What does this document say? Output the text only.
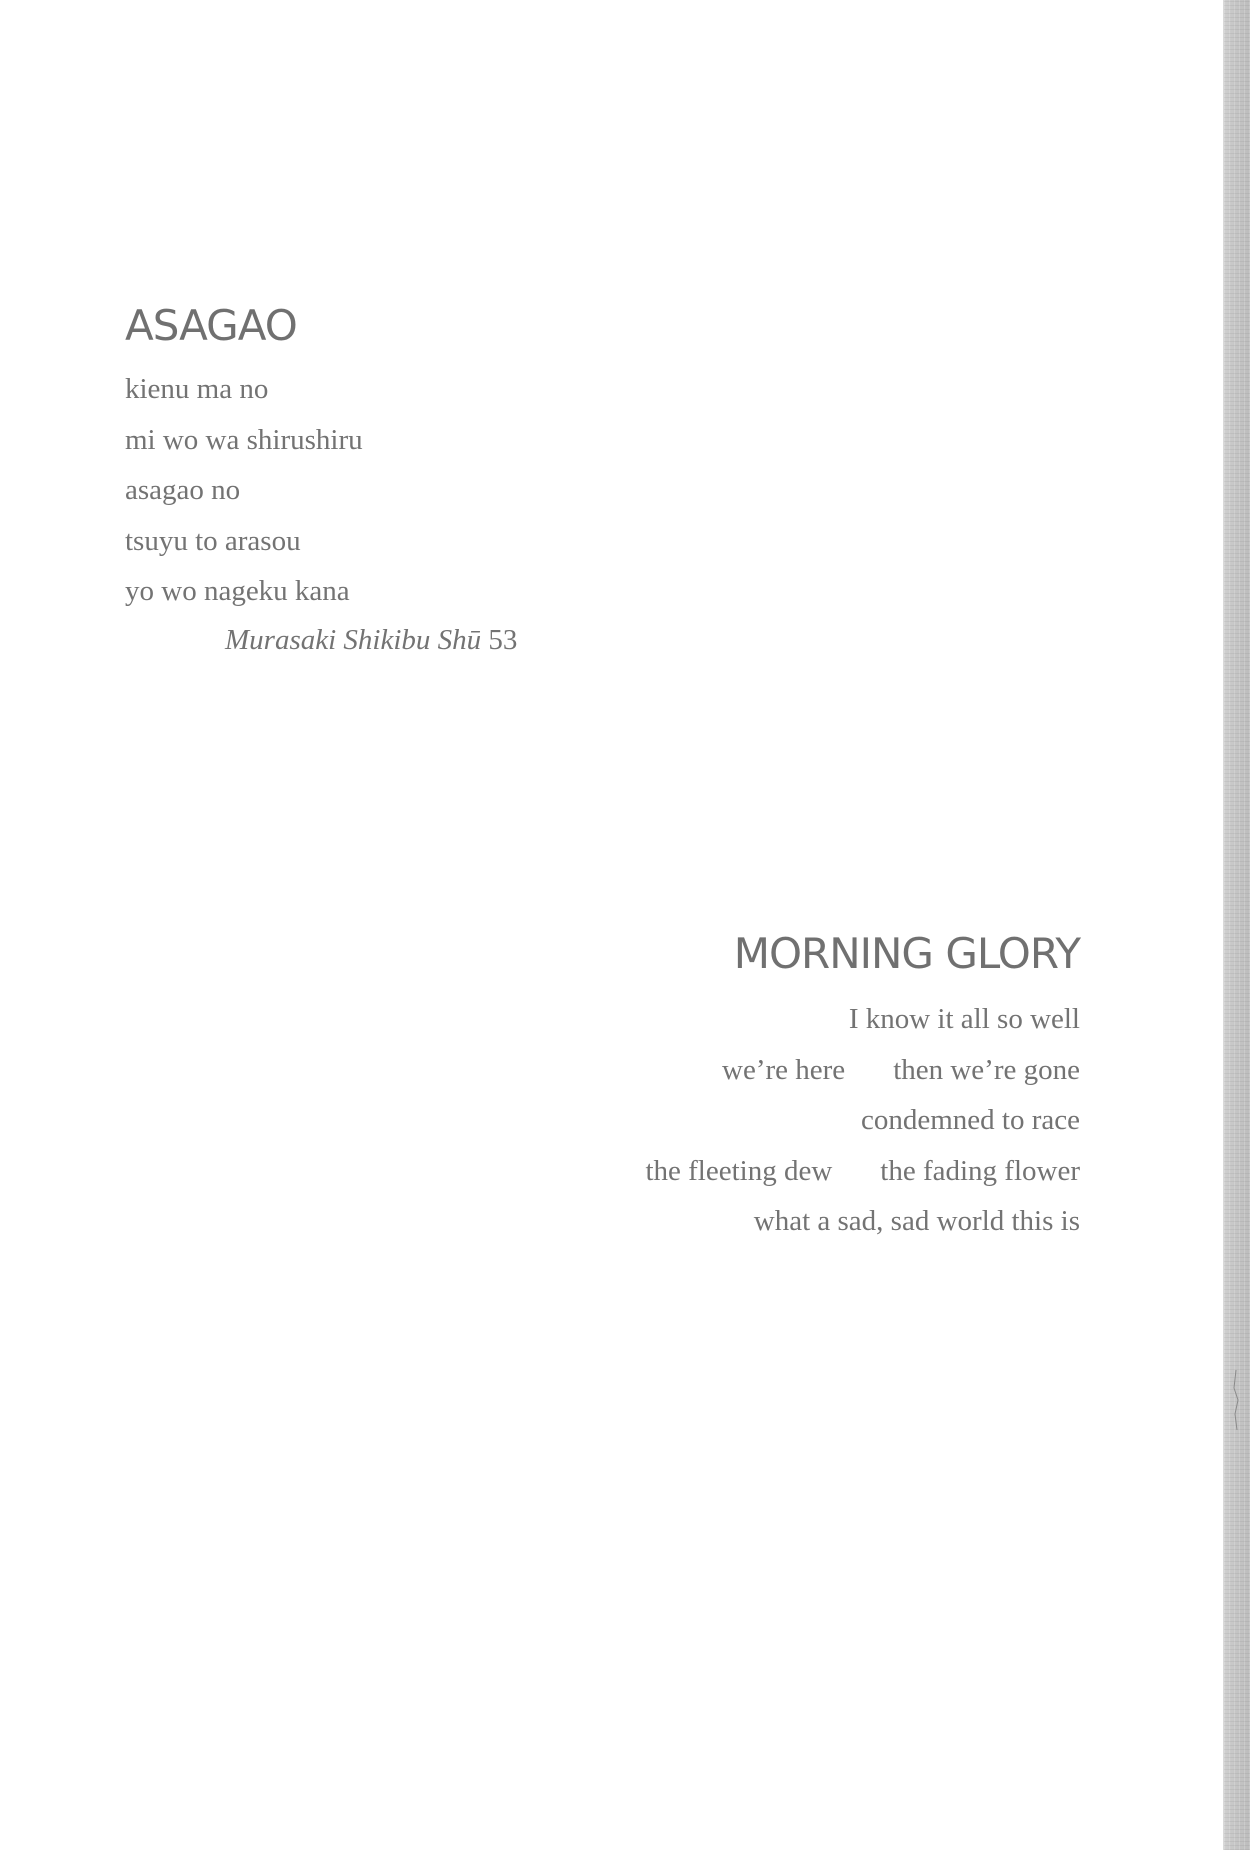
ASAGAO
kienu ma no
mi wo wa shirushiru
asagao no
tsuyu to arasou
yo wo nageku kana
Murasaki Shikibu Shū 53
MORNING GLORY
I know it all so well
we’re here then we’re gone
condemned to race
the fleeting dew the fading flower
what a sad, sad world this is
